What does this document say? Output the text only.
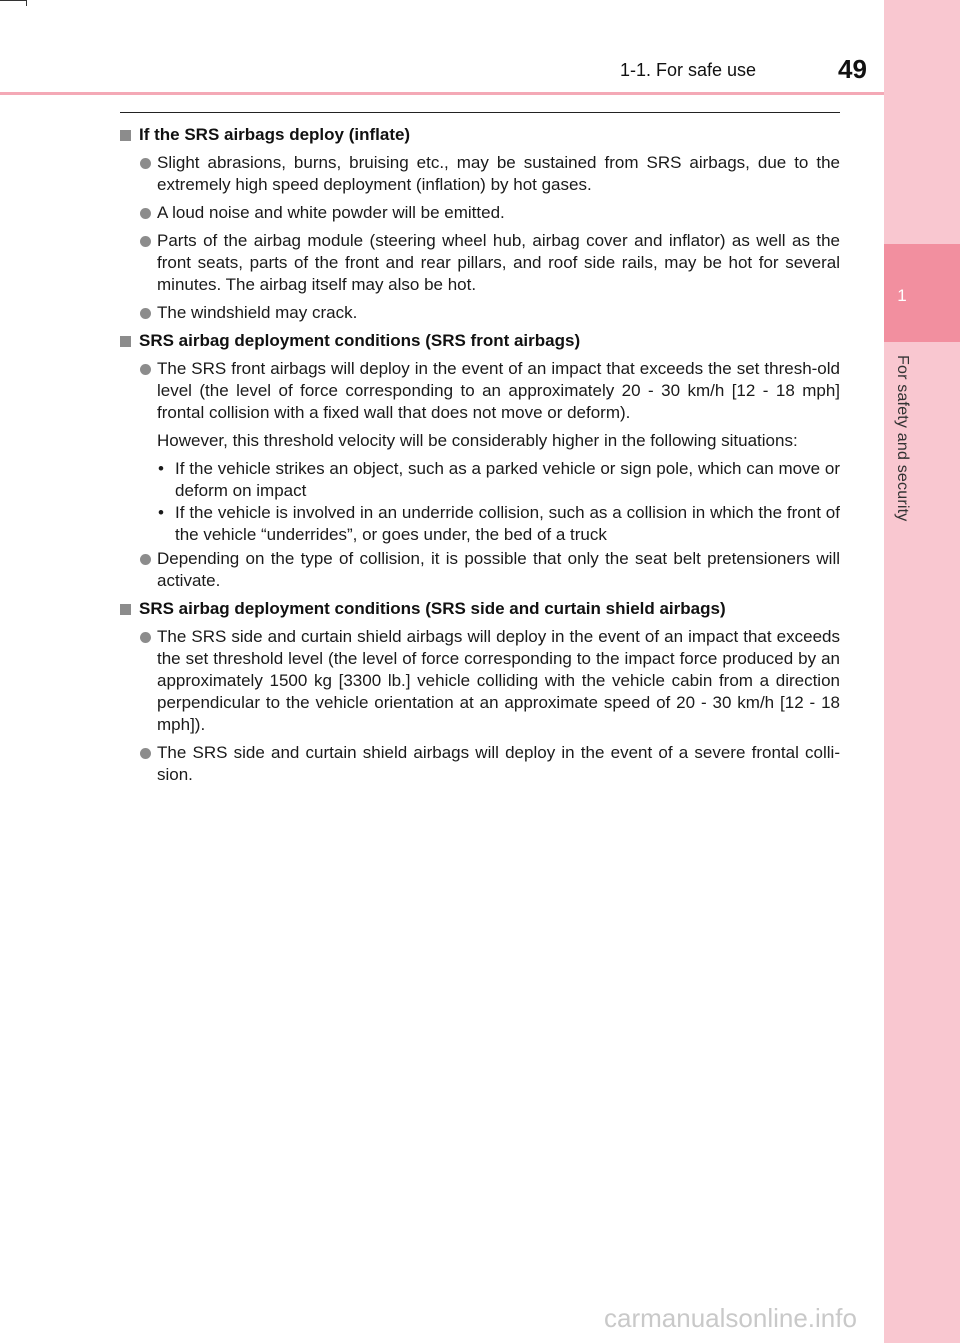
1
For safety and security
1-1. For safe use	49
If the SRS airbags deploy (inflate)
Slight abrasions, burns, bruising etc., may be sustained from SRS airbags, due to the extremely high speed deployment (inflation) by hot gases.
A loud noise and white powder will be emitted.
Parts of the airbag module (steering wheel hub, airbag cover and inflator) as well as the front seats, parts of the front and rear pillars, and roof side rails, may be hot for several minutes. The airbag itself may also be hot.
The windshield may crack.
SRS airbag deployment conditions (SRS front airbags)
The SRS front airbags will deploy in the event of an impact that exceeds the set thresh-old level (the level of force corresponding to an approximately 20 - 30 km/h [12 - 18 mph] frontal collision with a fixed wall that does not move or deform).
However, this threshold velocity will be considerably higher in the following situations:
• If the vehicle strikes an object, such as a parked vehicle or sign pole, which can move or deform on impact
• If the vehicle is involved in an underride collision, such as a collision in which the front of the vehicle “underrides”, or goes under, the bed of a truck
Depending on the type of collision, it is possible that only the seat belt pretensioners will activate.
SRS airbag deployment conditions (SRS side and curtain shield airbags)
The SRS side and curtain shield airbags will deploy in the event of an impact that exceeds the set threshold level (the level of force corresponding to the impact force produced by an approximately 1500 kg [3300 lb.] vehicle colliding with the vehicle cabin from a direction perpendicular to the vehicle orientation at an approximate speed of 20 - 30 km/h [12 - 18 mph]).
The SRS side and curtain shield airbags will deploy in the event of a severe frontal colli-sion.
carmanualsonline.info
